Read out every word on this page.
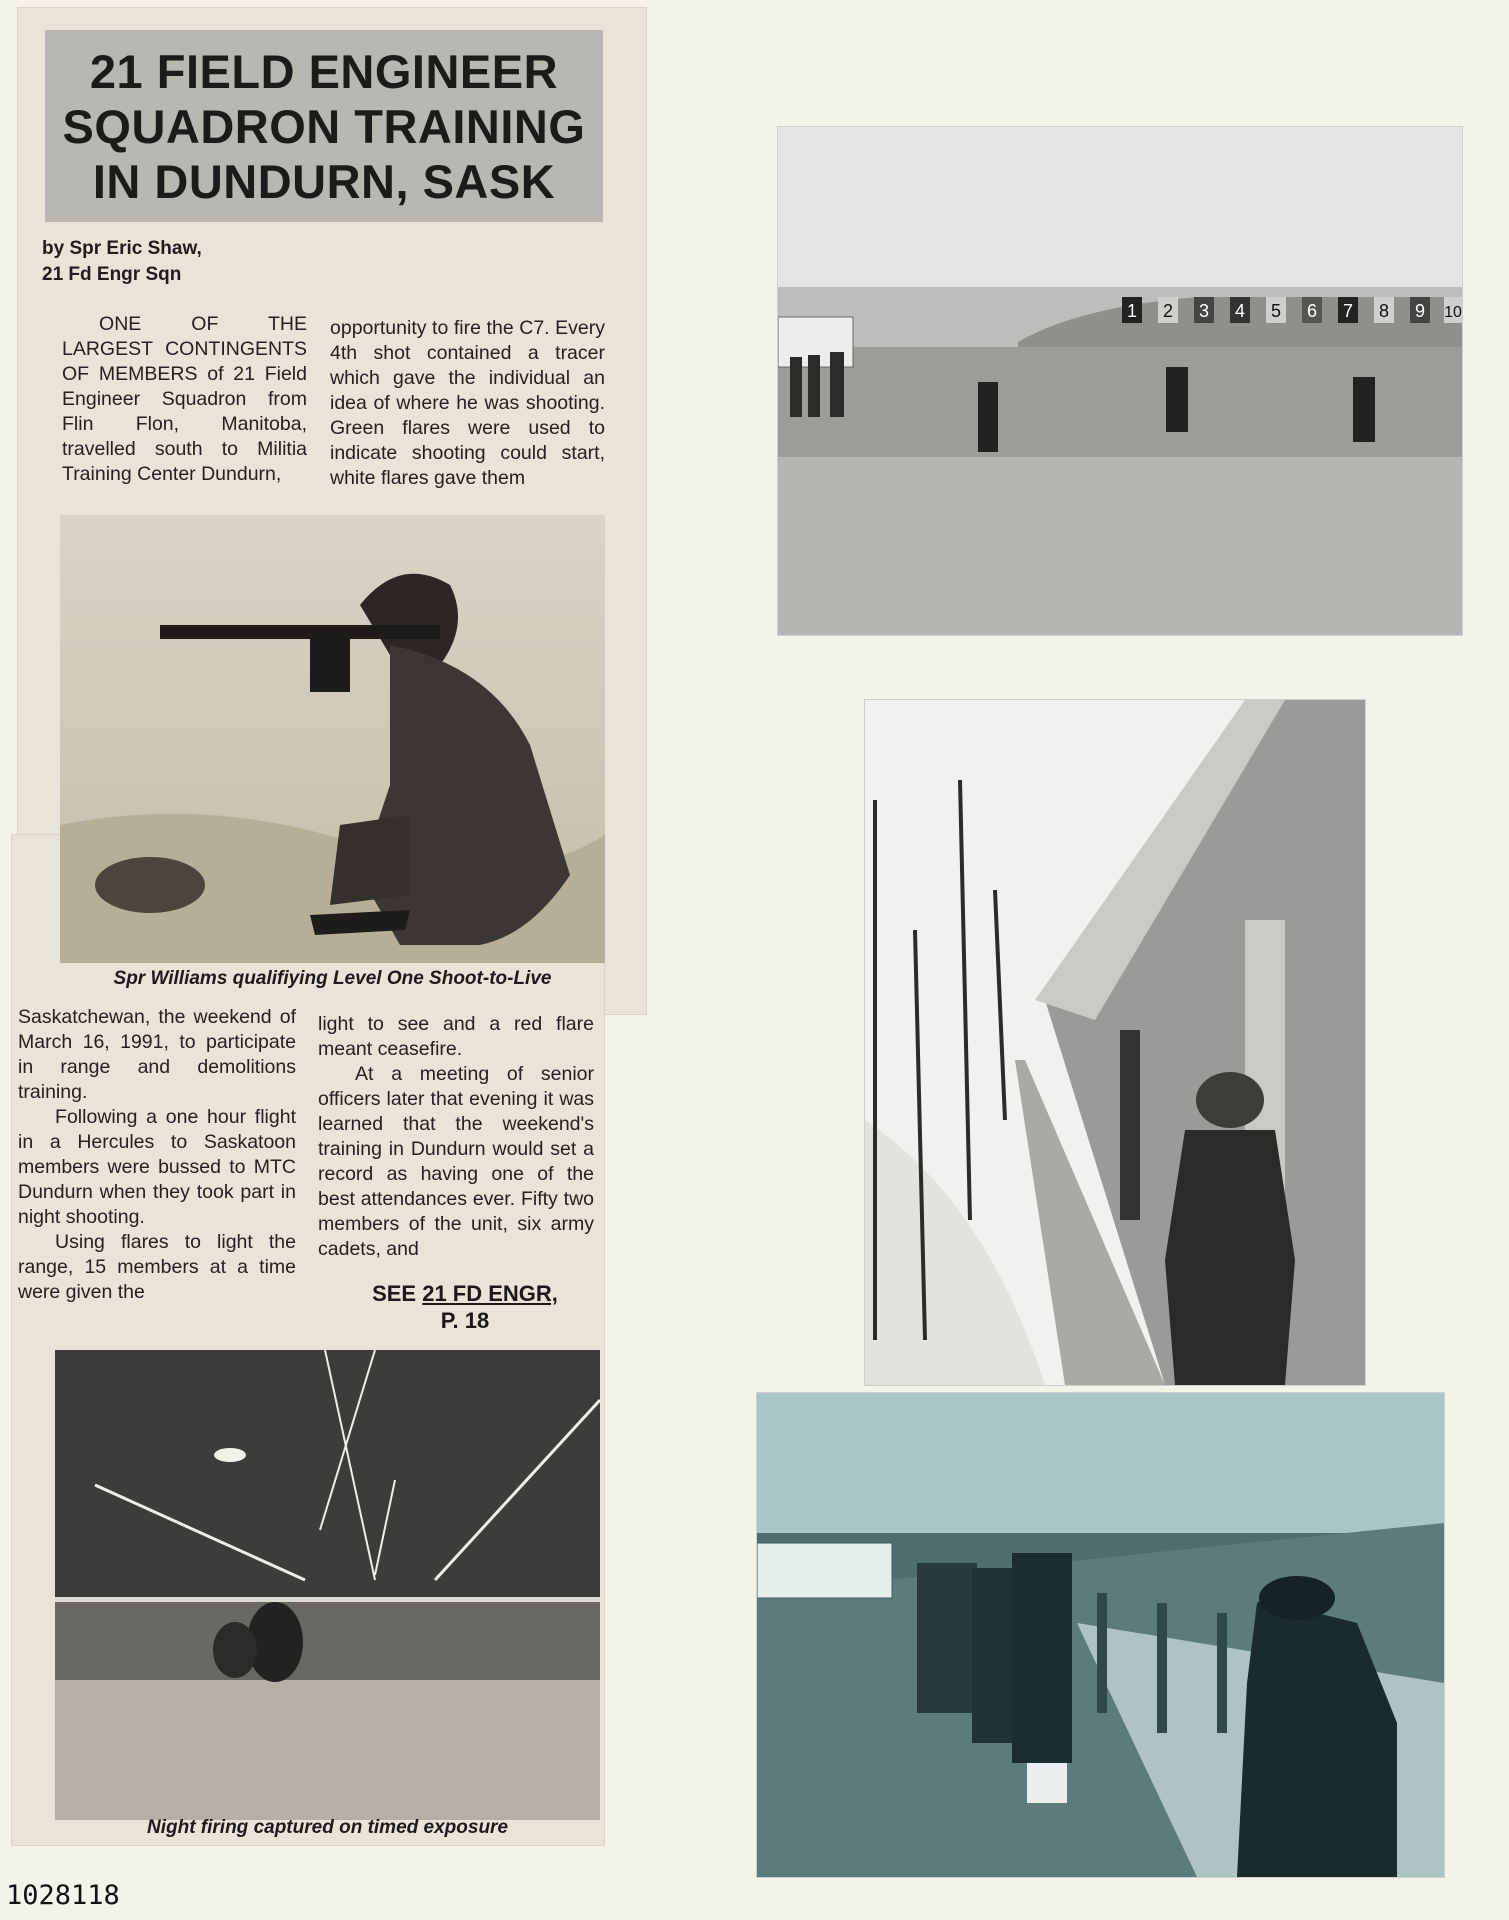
21 FIELD ENGINEER SQUADRON TRAINING IN DUNDURN, SASK
by Spr Eric Shaw,
21 Fd Engr Sqn

ONE OF THE LARGEST CONTINGENTS OF MEMBERS of 21 Field Engineer Squadron from Flin Flon, Manitoba, travelled south to Militia Training Center Dundurn,

opportunity to fire the C7. Every 4th shot contained a tracer which gave the individual an idea of where he was shooting. Green flares were used to indicate shooting could start, white flares gave them

Spr Williams qualifiying Level One Shoot-to-Live

Saskatchewan, the weekend of March 16, 1991, to participate in range and demolitions training.

Following a one hour flight in a Hercules to Saskatoon members were bussed to MTC Dundurn when they took part in night shooting.

Using flares to light the range, 15 members at a time were given the

light to see and a red flare meant ceasefire.

At a meeting of senior officers later that evening it was learned that the weekend's training in Dundurn would set a record as having one of the best attendances ever. Fifty two members of the unit, six army cadets, and

SEE 21 FD ENGR,
P. 18
Night firing captured on timed exposure
1 2 3 4 5 6 7 8 9 10
1028118
